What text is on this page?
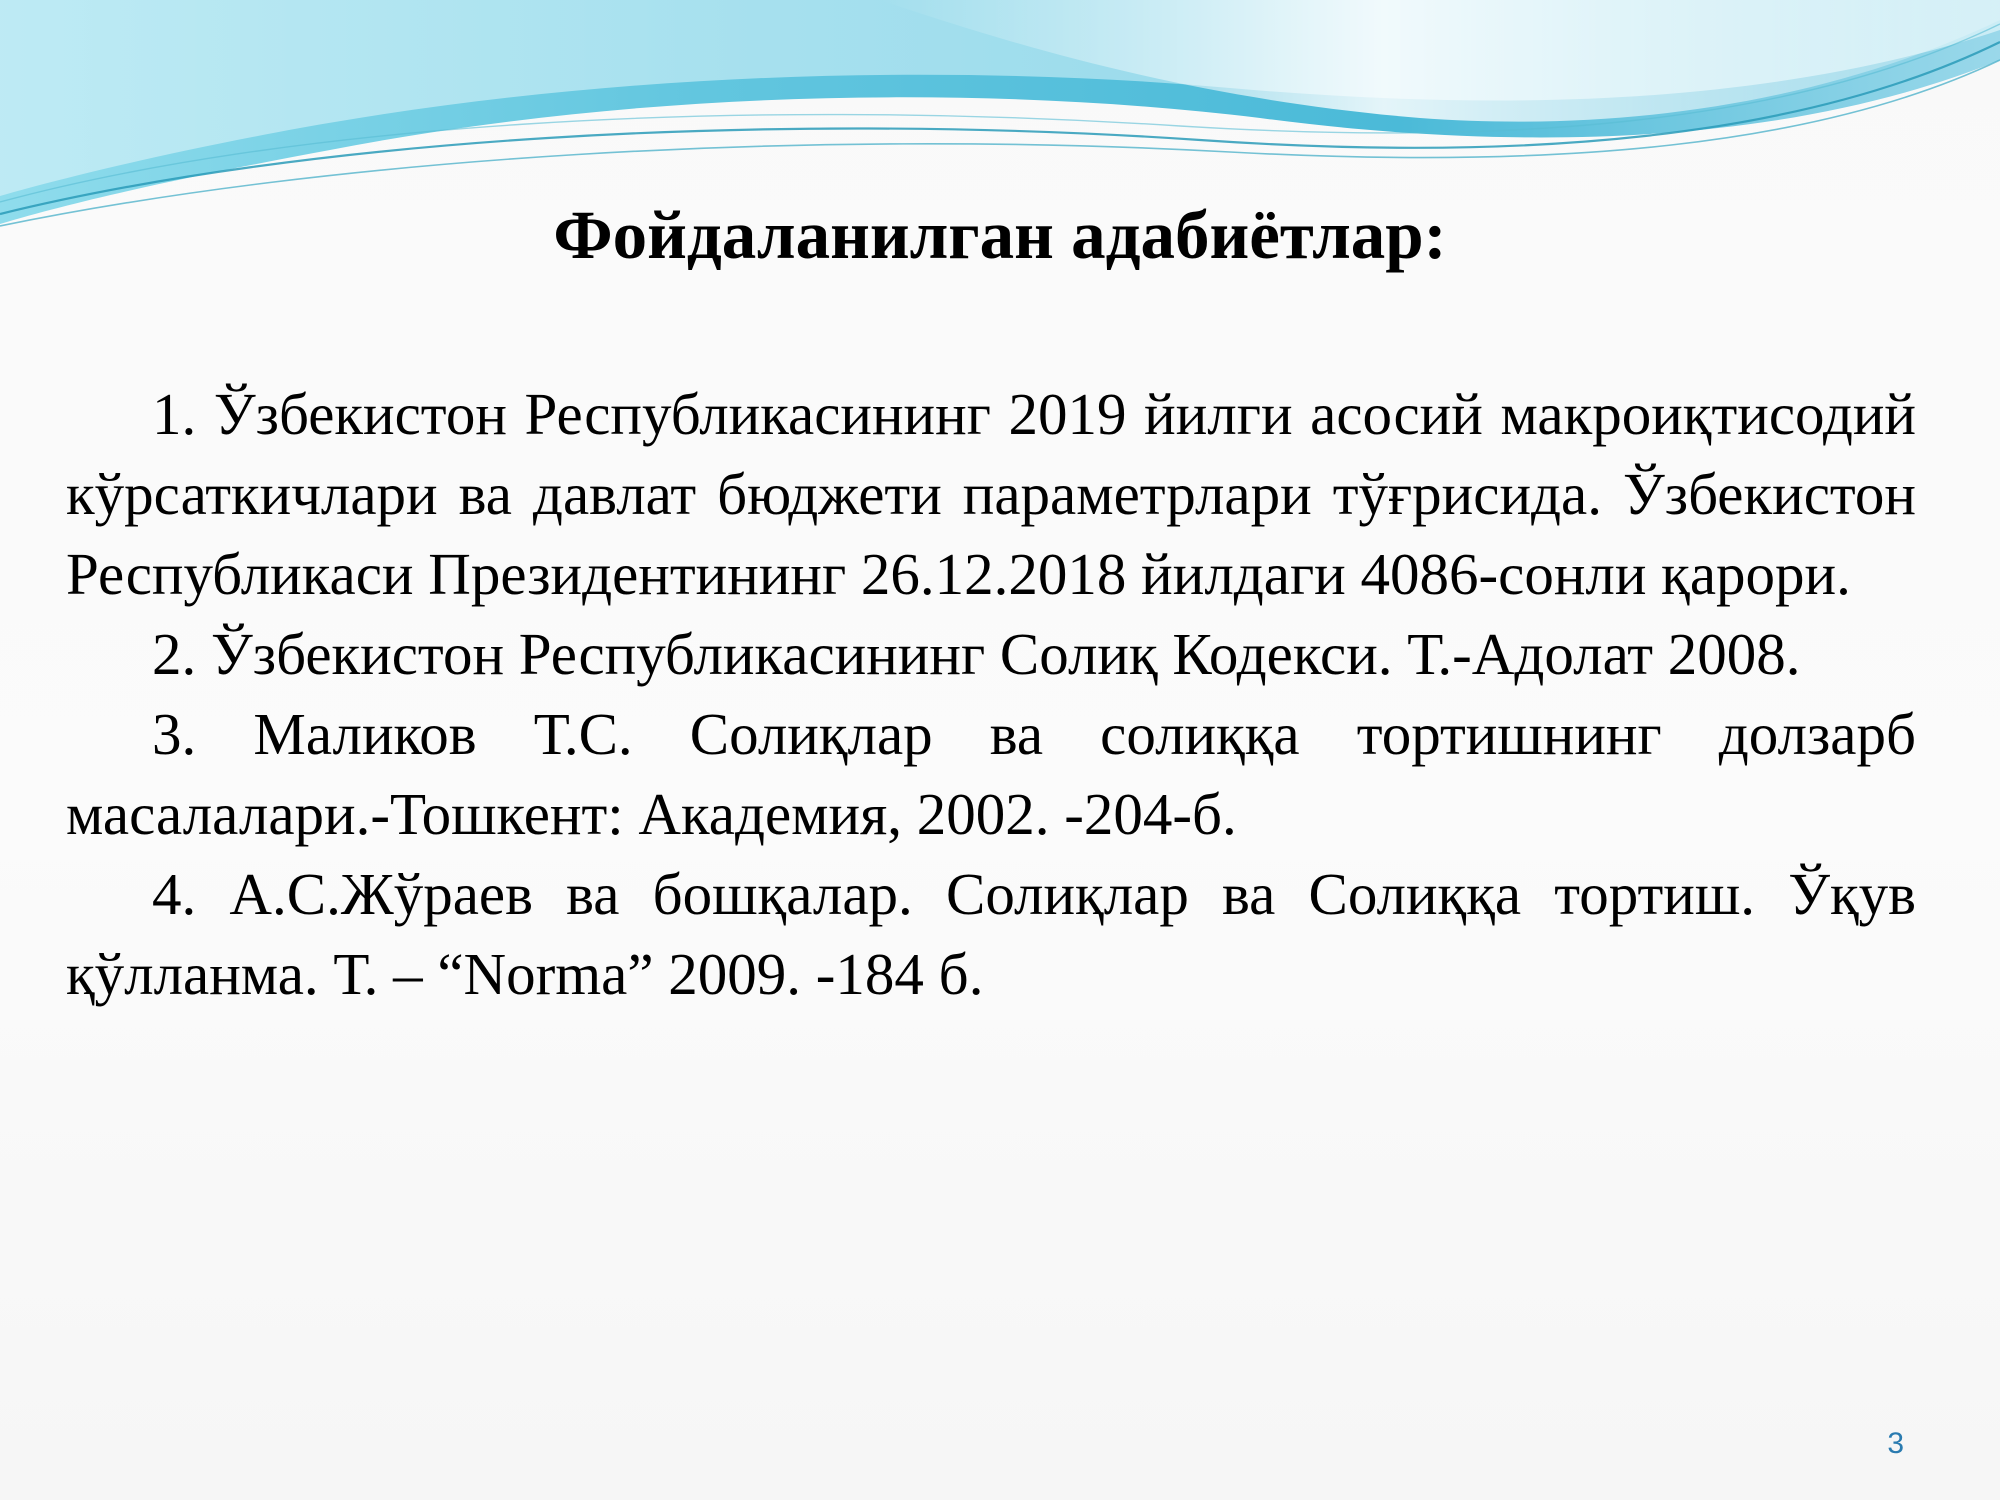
Фойдаланилган адабиётлар:
1. Ўзбекистон Республикасининг 2019 йилги асосий макроиқтисодий кўрсаткичлари ва давлат бюджети параметрлари тўғрисида. Ўзбекистон Республикаси Президентининг 26.12.2018 йилдаги 4086-сонли қарори.
2. Ўзбекистон Республикасининг Солиқ Кодекси. Т.-Адолат 2008.
3. Маликов Т.С. Солиқлар ва солиққа тортишнинг долзарб масалалари.-Тошкент: Академия, 2002. -204-б.
4. А.С.Жўраев ва бошқалар. Солиқлар ва Солиққа тортиш. Ўқув қўлланма. Т. – “Norma” 2009. -184 б.
3
